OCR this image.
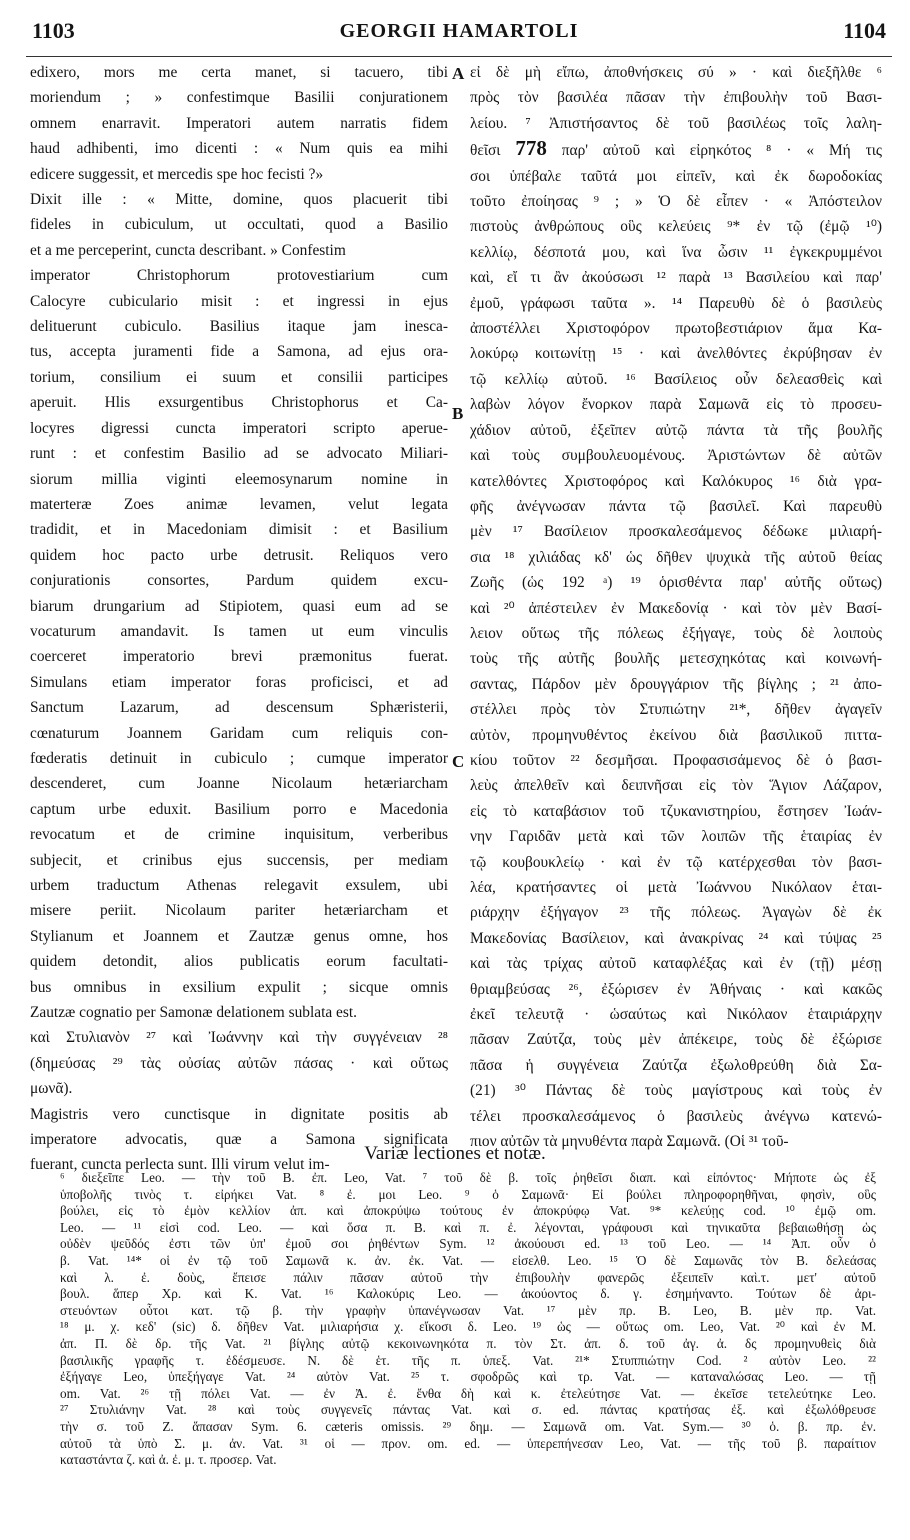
1103	GEORGII HAMARTOLI	1104
A
B
C

edixero, mors me certa manet, si tacuero, tibi

moriendum ; » confestimque Basilii conjurationem

omnem enarravit. Imperatori autem narratis fidem

haud adhibenti, imo dicenti : « Num quis ea mihi

edicere suggessit, et mercedis spe hoc fecisti ?»

Dixit ille : « Mitte, domine, quos placuerit tibi

fideles in cubiculum, ut occultati, quod a Basilio

et a me perceperint, cuncta describant. » Confestim

imperator Christophorum protovestiarium cum

Calocyre cubiculario misit : et ingressi in ejus

delituerunt cubiculo. Basilius itaque jam inesca-

tus, accepta juramenti fide a Samona, ad ejus ora-

torium, consilium ei suum et consilii participes

aperuit. Hlis exsurgentibus Christophorus et Ca-

locyres digressi cuncta imperatori scripto aperue-

runt : et confestim Basilio ad se advocato Miliari-

siorum millia viginti eleemosynarum nomine in

materteræ Zoes animæ levamen, velut legata

tradidit, et in Macedoniam dimisit : et Basilium

quidem hoc pacto urbe detrusit. Reliquos vero

conjurationis consortes, Pardum quidem excu-

biarum drungarium ad Stipiotem, quasi eum ad se

vocaturum amandavit. Is tamen ut eum vinculis

coerceret imperatorio brevi præmonitus fuerat.

Simulans etiam imperator foras proficisci, et ad

Sanctum Lazarum, ad descensum Sphæristerii,

cœnaturum Joannem Garidam cum reliquis con-

fœderatis detinuit in cubiculo ; cumque imperator

descenderet, cum Joanne Nicolaum hetæriarcham

captum urbe eduxit. Basilium porro e Macedonia

revocatum et de crimine inquisitum, verberibus

subjecit, et crinibus ejus succensis, per mediam

urbem traductum Athenas relegavit exsulem, ubi

misere periit. Nicolaum pariter hetæriarcham et

Stylianum et Joannem et Zautzæ genus omne, hos

quidem detondit, alios publicatis eorum facultati-

bus omnibus in exsilium expulit ; sicque omnis

Zautzæ cognatio per Samonæ delationem sublata est.

καὶ Στυλιανὸν ²⁷ καὶ Ἰωάννην καὶ τὴν συγγένειαν ²⁸

(δημεύσας ²⁹ τὰς οὐσίας αὐτῶν πάσας · καὶ οὕτως

μωνᾶ).

Magistris vero cunctisque in dignitate positis ab

imperatore advocatis, quæ a Samona significata

fuerant, cuncta perlecta sunt. Illi virum velut im-

εἰ δὲ μὴ εἴπω, ἀποθνήσκεις σύ » · καὶ διεξῆλθε ⁶

πρὸς τὸν βασιλέα πᾶσαν τὴν ἐπιβουλὴν τοῦ Βασι-

λείου. ⁷ Ἀπιστήσαντος δὲ τοῦ βασιλέως τοῖς λαλη-

θεῖσι 778 παρ' αὐτοῦ καὶ εἰρηκότος ⁸ · « Μή τις

σοι ὑπέβαλε ταῦτά μοι εἰπεῖν, καὶ ἐκ δωροδοκίας

τοῦτο ἐποίησας ⁹ ; » Ὁ δὲ εἶπεν · « Ἀπόστειλον

πιστοὺς ἀνθρώπους οὓς κελεύεις ⁹* ἐν τῷ (ἐμῷ ¹⁰)

κελλίῳ, δέσποτά μου, καὶ ἵνα ὦσιν ¹¹ ἐγκεκρυμμένοι

καὶ, εἴ τι ἂν ἀκούσωσι ¹² παρὰ ¹³ Βασιλείου καὶ παρ'

ἐμοῦ, γράφωσι ταῦτα ». ¹⁴ Παρευθὺ δὲ ὁ βασιλεὺς

ἀποστέλλει Χριστοφόρον πρωτοβεστιάριον ἅμα Κα-

λοκύρῳ κοιτωνίτῃ ¹⁵ · καὶ ἀνελθόντες ἐκρύβησαν ἐν

τῷ κελλίῳ αὐτοῦ. ¹⁶ Βασίλειος οὖν δελεασθεὶς καὶ

λαβὼν λόγον ἔνορκον παρὰ Σαμωνᾶ εἰς τὸ προσευ-

χάδιον αὐτοῦ, ἐξεῖπεν αὐτῷ πάντα τὰ τῆς βουλῆς

καὶ τοὺς συμβουλευομένους. Ἀριστώντων δὲ αὐτῶν

κατελθόντες Χριστοφόρος καὶ Καλόκυρος ¹⁶ διὰ γρα-

φῆς ἀνέγνωσαν πάντα τῷ βασιλεῖ. Καὶ παρευθὺ

μὲν ¹⁷ Βασίλειον προσκαλεσάμενος δέδωκε μιλιαρή-

σια ¹⁸ χιλιάδας κδ' ὡς δῆθεν ψυχικὰ τῆς αὐτοῦ θείας

Ζωῆς (ὡς 192 ᵃ) ¹⁹ ὁρισθέντα παρ' αὐτῆς οὕτως)

καὶ ²⁰ ἀπέστειλεν ἐν Μακεδονίᾳ · καὶ τὸν μὲν Βασί-

λειον οὕτως τῆς πόλεως ἐξήγαγε, τοὺς δὲ λοιποὺς

τοὺς τῆς αὐτῆς βουλῆς μετεσχηκότας καὶ κοινωνή-

σαντας, Πάρδον μὲν δρουγγάριον τῆς βίγλης ; ²¹ ἀπο-

στέλλει πρὸς τὸν Στυπιώτην ²¹*, δῆθεν ἀγαγεῖν

αὐτὸν, προμηνυθέντος ἐκείνου διὰ βασιλικοῦ πιττα-

κίου τοῦτον ²² δεσμῆσαι. Προφασισάμενος δὲ ὁ βασι-

λεὺς ἀπελθεῖν καὶ δειπνῆσαι εἰς τὸν Ἅγιον Λάζαρον,

εἰς τὸ καταβάσιον τοῦ τζυκανιστηρίου, ἔστησεν Ἰωάν-

νην Γαριδᾶν μετὰ καὶ τῶν λοιπῶν τῆς ἑταιρίας ἐν

τῷ κουβουκλείῳ · καὶ ἐν τῷ κατέρχεσθαι τὸν βασι-

λέα, κρατήσαντες οἱ μετὰ Ἰωάννου Νικόλαον ἑται-

ριάρχην ἐξήγαγον ²³ τῆς πόλεως. Ἀγαγὼν δὲ ἐκ

Μακεδονίας Βασίλειον, καὶ ἀνακρίνας ²⁴ καὶ τύψας ²⁵

καὶ τὰς τρίχας αὐτοῦ καταφλέξας καὶ ἐν (τῇ) μέσῃ

θριαμβεύσας ²⁶, ἐξώρισεν ἐν Ἀθήναις · καὶ κακῶς

ἐκεῖ τελευτᾷ · ὡσαύτως καὶ Νικόλαον ἑταιριάρχην

πᾶσαν Ζαύτζα, τοὺς μὲν ἀπέκειρε, τοὺς δὲ ἐξώρισε

πᾶσα ἡ συγγένεια Ζαύτζα ἐξωλοθρεύθη διὰ Σα-

(21) ³⁰ Πάντας δὲ τοὺς μαγίστρους καὶ τοὺς ἐν

τέλει προσκαλεσάμενος ὁ βασιλεὺς ἀνέγνω κατενώ-

πιον αὐτῶν τὰ μηνυθέντα παρὰ Σαμωνᾶ. (Οἱ ³¹ τοῦ-

Variæ lectiones et notæ.

⁶ διεξεῖπε Leo. — τὴν τοῦ Β. ἐπ. Leo, Vat. ⁷ τοῦ δὲ β. τοῖς ῥηθεῖσι διαπ. καὶ εἰπόντος· Μήποτε ὡς ἐξ

ὑποβολῆς τινὸς τ. εἰρήκει Vat. ⁸ ἐ. μοι Leo. ⁹ ὁ Σαμωνᾶ· Εἰ βούλει πληροφορηθῆναι, φησὶν, οὓς

βούλει, εἰς τὸ ἐμὸν κελλίον ἀπ. καὶ ἀποκρύψω τούτους ἐν ἀποκρύφῳ Vat. ⁹* κελεύῃς cod. ¹⁰ ἐμῷ om.

Leo. — ¹¹ εἰσὶ cod. Leo. — καὶ ὅσα π. Β. καὶ π. ἐ. λέγονται, γράφουσι καὶ τηνικαῦτα βεβαιωθήσῃ ὡς

οὐδὲν ψεῦδός ἐστι τῶν ὑπ' ἐμοῦ σοι ῥηθέντων Sym. ¹² ἀκούουσι ed. ¹³ τοῦ Leo. — ¹⁴ Ἀπ. οὖν ὁ

β. Vat. ¹⁴* οἱ ἐν τῷ τοῦ Σαμωνᾶ κ. ἀν. ἐκ. Vat. — εἰσελθ. Leo. ¹⁵ Ὁ δὲ Σαμωνᾶς τὸν Β. δελεάσας

καὶ λ. ἐ. δοὺς, ἔπεισε πάλιν πᾶσαν αὐτοῦ τὴν ἐπιβουλὴν φανερῶς ἐξειπεῖν καὶ.τ. μετ' αὐτοῦ

βουλ. ἅπερ Χρ. καὶ Κ. Vat. ¹⁶ Καλοκύρις Leo. — ἀκούοντος δ. γ. ἐσημήναντο. Τούτων δὲ ἀρι-

στευόντων οὗτοι κατ. τῷ β. τὴν γραφὴν ὑπανέγνωσαν Vat. ¹⁷ μὲν πρ. Β. Leo, Β. μὲν πρ. Vat.

¹⁸ μ. χ. κεδ' (sic) δ. δῆθεν Vat. μιλιαρήσια χ. εἴκοσι δ. Leo. ¹⁹ ὡς — οὕτως om. Leo, Vat. ²⁰ καὶ ἐν Μ.

ἀπ. Π. δὲ δρ. τῆς Vat. ²¹ βίγλης αὐτῷ κεκοινωνηκότα π. τὸν Στ. ἀπ. δ. τοῦ ἀγ. ἀ. δς προμηνυθεὶς διὰ

βασιλικῆς γραφῆς τ. ἐδέσμευσε. Ν. δὲ ἑτ. τῆς π. ὑπεξ. Vat. ²¹* Στυππιώτην Cod. ² αὐτὸν Leo. ²²

ἐξήγαγε Leo, ὑπεξήγαγε Vat. ²⁴ αὐτὸν Vat. ²⁵ τ. σφοδρῶς καὶ τρ. Vat. — καταναλώσας Leo. — τῇ

om. Vat. ²⁶ τῇ πόλει Vat. — ἐν Ἀ. ἐ. ἔνθα δὴ καὶ κ. ἐτελεύτησε Vat. — ἐκεῖσε τετελεύτηκε Leo.

²⁷ Στυλιάνην Vat. ²⁸ καὶ τοὺς συγγενεῖς πάντας Vat. καὶ σ. ed. πάντας κρατήσας ἐξ. καὶ ἐξωλόθρευσε

τὴν σ. τοῦ Ζ. ἅπασαν Sym. 6. cæteris omissis. ²⁹ δημ. — Σαμωνᾶ om. Vat. Sym.— ³⁰ ὁ. β. πρ. ἐν.

αὐτοῦ τὰ ὑπὸ Σ. μ. ἀν. Vat. ³¹ οἱ — πρoν. om. ed. — ὑπερεπήνεσαν Leo, Vat. — τῆς τοῦ β. παραίτιον

καταστάντα ζ. καὶ ἀ. ἐ. μ. τ. προσερ. Vat.
